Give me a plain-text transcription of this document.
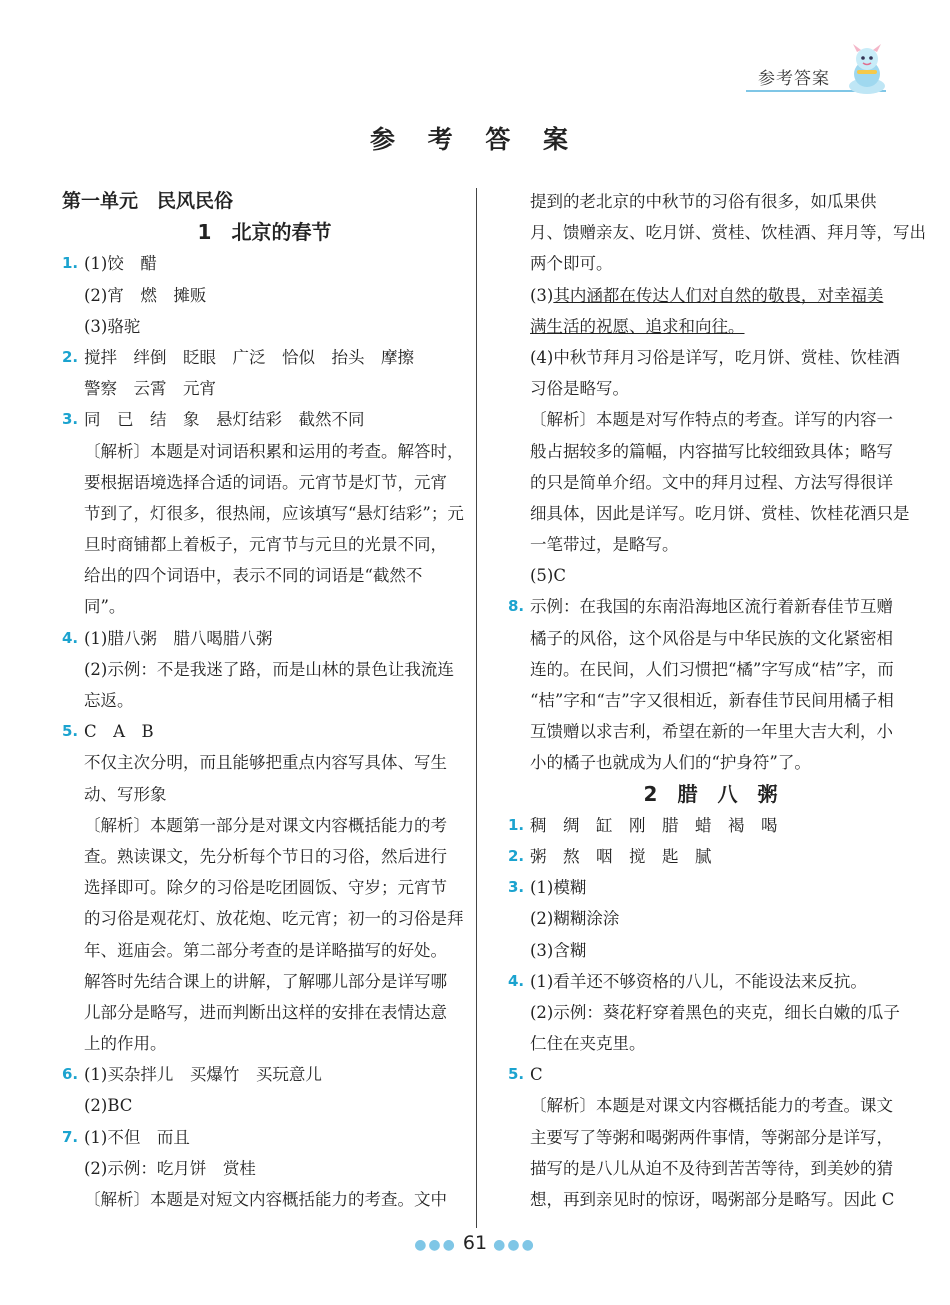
参考答案
参 考 答 案
第一单元　民风民俗
1　北京的春节
1. (1)饺　醋
(2)宵　燃　摊贩
(3)骆驼
2. 搅拌　绊倒　眨眼　广泛　恰似　抬头　摩擦
警察　云霄　元宵
3. 同　已　结　象　悬灯结彩　截然不同
〔解析〕本题是对词语积累和运用的考查。解答时，
要根据语境选择合适的词语。元宵节是灯节，元宵
节到了，灯很多，很热闹，应该填写“悬灯结彩”；元
旦时商铺都上着板子，元宵节与元旦的光景不同，
给出的四个词语中，表示不同的词语是“截然不
同”。
4. (1)腊八粥　腊八喝腊八粥
(2)示例：不是我迷了路，而是山林的景色让我流连
忘返。
5. C　A　B
不仅主次分明，而且能够把重点内容写具体、写生
动、写形象
〔解析〕本题第一部分是对课文内容概括能力的考
查。熟读课文，先分析每个节日的习俗，然后进行
选择即可。除夕的习俗是吃团圆饭、守岁；元宵节
的习俗是观花灯、放花炮、吃元宵；初一的习俗是拜
年、逛庙会。第二部分考查的是详略描写的好处。
解答时先结合课上的讲解，了解哪儿部分是详写哪
儿部分是略写，进而判断出这样的安排在表情达意
上的作用。
6. (1)买杂拌儿　买爆竹　买玩意儿
(2)BC
7. (1)不但　而且
(2)示例：吃月饼　赏桂
〔解析〕本题是对短文内容概括能力的考查。文中
提到的老北京的中秋节的习俗有很多，如瓜果供
月、馈赠亲友、吃月饼、赏桂、饮桂酒、拜月等，写出
两个即可。
(3)其内涵都在传达人们对自然的敬畏，对幸福美
满生活的祝愿、追求和向往。
(4)中秋节拜月习俗是详写，吃月饼、赏桂、饮桂酒
习俗是略写。
〔解析〕本题是对写作特点的考查。详写的内容一
般占据较多的篇幅，内容描写比较细致具体；略写
的只是简单介绍。文中的拜月过程、方法写得很详
细具体，因此是详写。吃月饼、赏桂、饮桂花酒只是
一笔带过，是略写。
(5)C
8. 示例：在我国的东南沿海地区流行着新春佳节互赠
橘子的风俗，这个风俗是与中华民族的文化紧密相
连的。在民间，人们习惯把“橘”字写成“桔”字，而
“桔”字和“吉”字又很相近，新春佳节民间用橘子相
互馈赠以求吉利，希望在新的一年里大吉大利，小
小的橘子也就成为人们的“护身符”了。
2　腊　八　粥
1. 稠　绸　缸　刚　腊　蜡　褐　喝
2. 粥　熬　咽　搅　匙　腻
3. (1)模糊
(2)糊糊涂涂
(3)含糊
4. (1)看羊还不够资格的八儿，不能设法来反抗。
(2)示例：葵花籽穿着黑色的夹克，细长白嫩的瓜子
仁住在夹克里。
5. C
〔解析〕本题是对课文内容概括能力的考查。课文
主要写了等粥和喝粥两件事情，等粥部分是详写，
描写的是八儿从迫不及待到苦苦等待，到美妙的猜
想，再到亲见时的惊讶，喝粥部分是略写。因此 C
●●● 61 ●●●
